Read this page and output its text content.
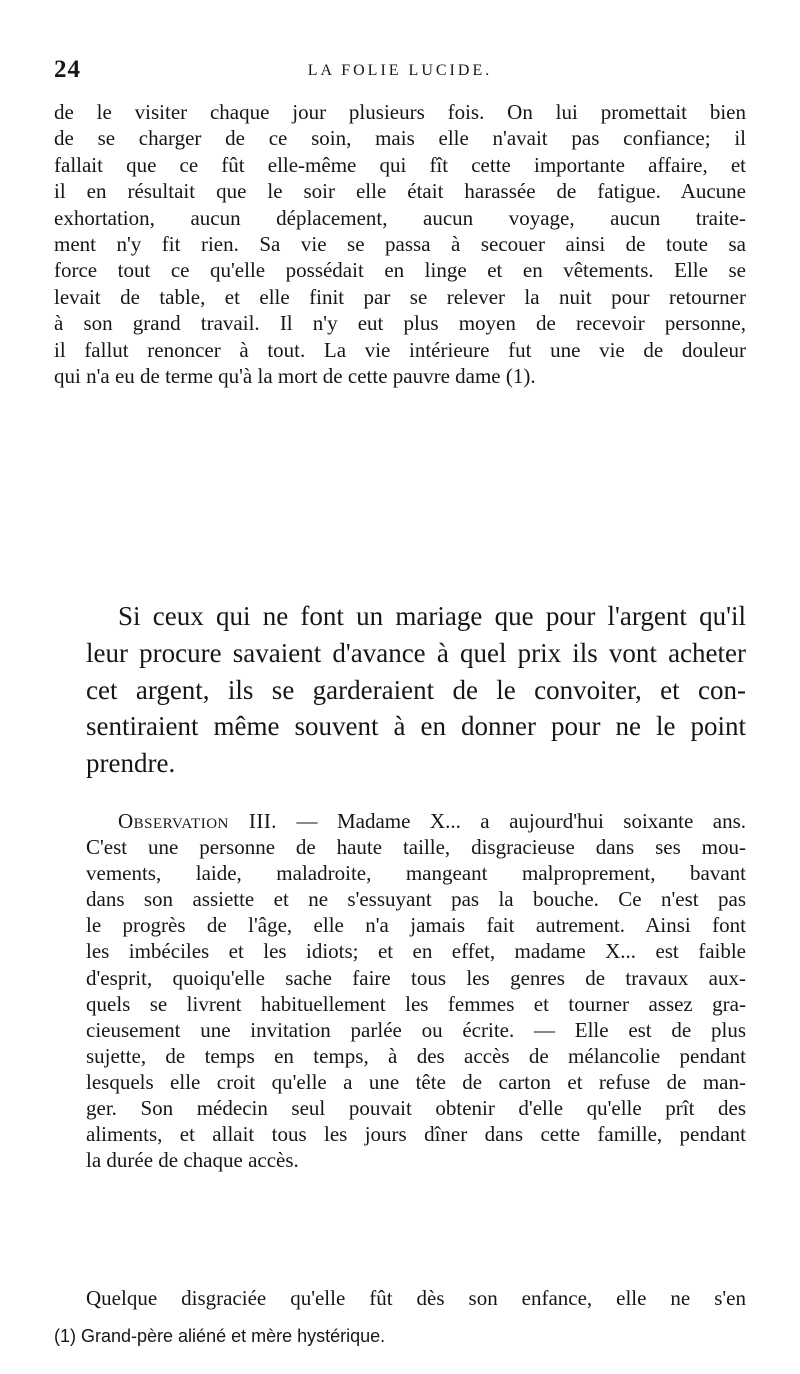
24	LA FOLIE LUCIDE.
de le visiter chaque jour plusieurs fois. On lui promettait bien
de se charger de ce soin, mais elle n'avait pas confiance; il
fallait que ce fût elle-même qui fît cette importante affaire, et
il en résultait que le soir elle était harassée de fatigue. Aucune
exhortation, aucun déplacement, aucun voyage, aucun traite-
ment n'y fit rien. Sa vie se passa à secouer ainsi de toute sa
force tout ce qu'elle possédait en linge et en vêtements. Elle se
levait de table, et elle finit par se relever la nuit pour retourner
à son grand travail. Il n'y eut plus moyen de recevoir personne,
il fallut renoncer à tout. La vie intérieure fut une vie de douleur
qui n'a eu de terme qu'à la mort de cette pauvre dame (1).
Si ceux qui ne font un mariage que pour l'argent qu'il
leur procure savaient d'avance à quel prix ils vont acheter
cet argent, ils se garderaient de le convoiter, et con-
sentiraient même souvent à en donner pour ne le point
prendre.
Observation III. — Madame X... a aujourd'hui soixante ans.
C'est une personne de haute taille, disgracieuse dans ses mou-
vements, laide, maladroite, mangeant malproprement, bavant
dans son assiette et ne s'essuyant pas la bouche. Ce n'est pas
le progrès de l'âge, elle n'a jamais fait autrement. Ainsi font
les imbéciles et les idiots; et en effet, madame X... est faible
d'esprit, quoiqu'elle sache faire tous les genres de travaux aux-
quels se livrent habituellement les femmes et tourner assez gra-
cieusement une invitation parlée ou écrite. — Elle est de plus
sujette, de temps en temps, à des accès de mélancolie pendant
lesquels elle croit qu'elle a une tête de carton et refuse de man-
ger. Son médecin seul pouvait obtenir d'elle qu'elle prît des
aliments, et allait tous les jours dîner dans cette famille, pendant
la durée de chaque accès.
Quelque disgraciée qu'elle fût dès son enfance, elle ne s'en
(1) Grand-père aliéné et mère hystérique.
